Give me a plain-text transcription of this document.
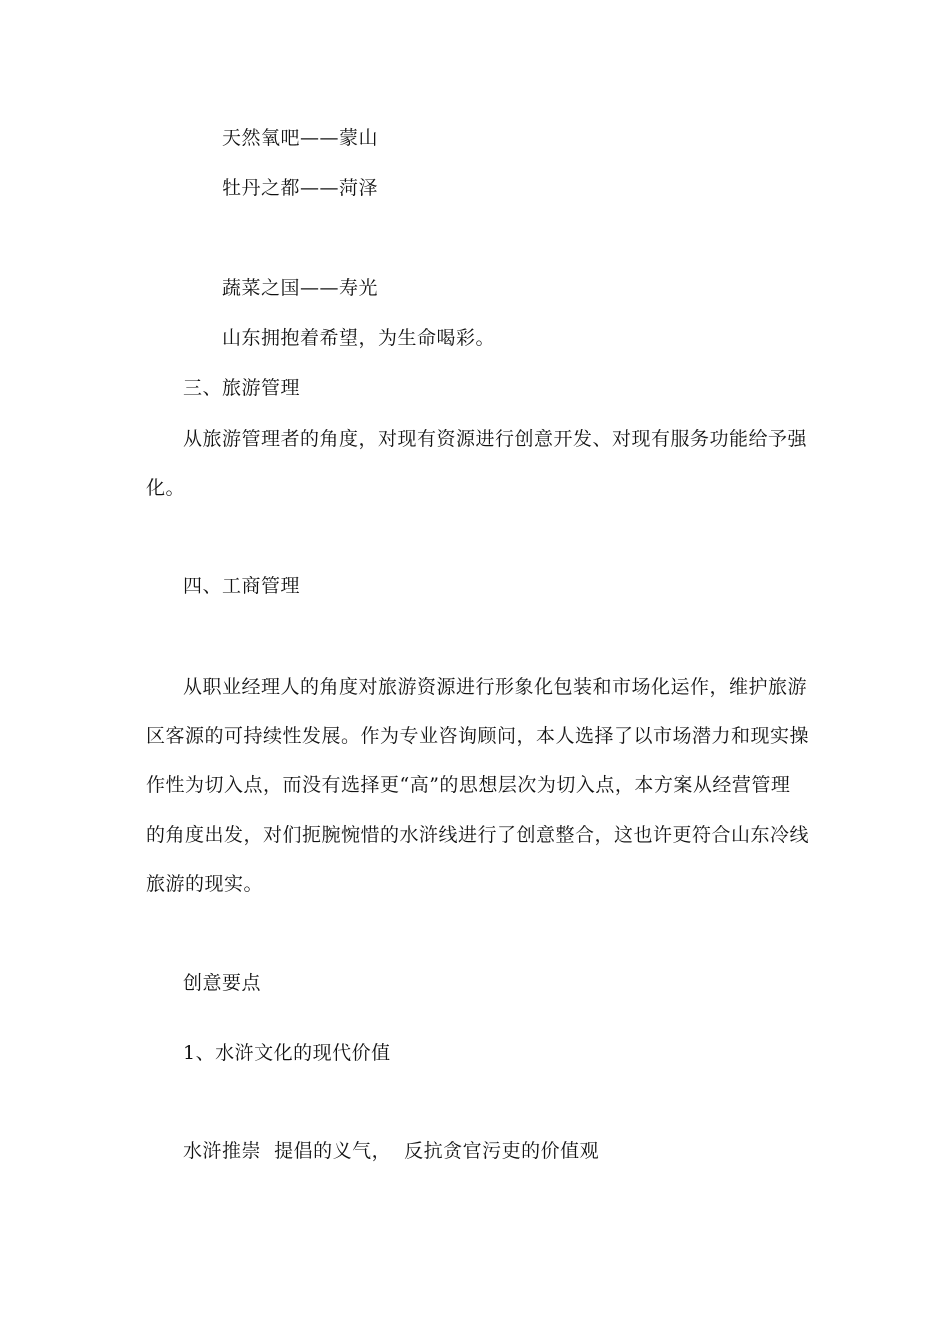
天然氧吧——蒙山
牡丹之都——菏泽
蔬菜之国——寿光
山东拥抱着希望，为生命喝彩。
三、旅游管理
从旅游管理者的角度，对现有资源进行创意开发、对现有服务功能给予强
化。
四、工商管理
从职业经理人的角度对旅游资源进行形象化包装和市场化运作，维护旅游
区客源的可持续性发展。作为专业咨询顾问，本人选择了以市场潜力和现实操
作性为切入点，而没有选择更“高”的思想层次为切入点，本方案从经营管理
的角度出发，对们扼腕惋惜的水浒线进行了创意整合，这也许更符合山东冷线
旅游的现实。
创意要点
1、水浒文化的现代价值
水浒推崇  提倡的义气，  反抗贪官污吏的价值观
